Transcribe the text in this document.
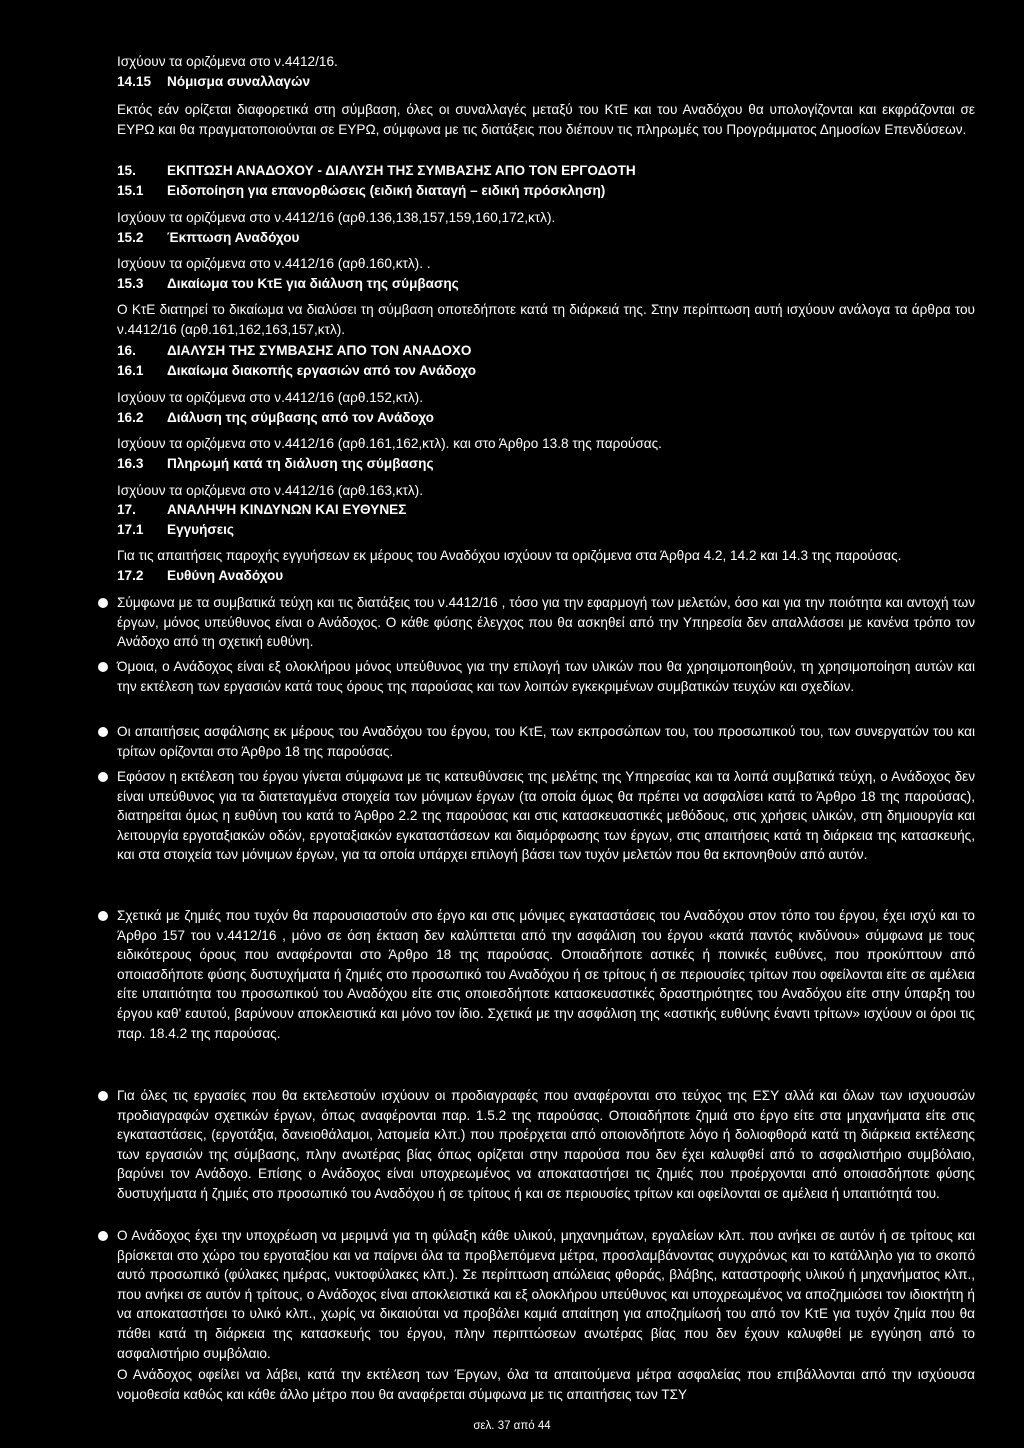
Ισχύουν τα οριζόμενα στο ν.4412/16.
14.15 Νόμισμα συναλλαγών
Εκτός εάν ορίζεται διαφορετικά στη σύμβαση, όλες οι συναλλαγές μεταξύ του ΚτΕ και του Αναδόχου θα υπολογίζονται και εκφράζονται σε ΕΥΡΩ και θα πραγματοποιούνται σε ΕΥΡΩ, σύμφωνα με τις διατάξεις που διέπουν τις πληρωμές του Προγράμματος Δημοσίων Επενδύσεων.
15. ΕΚΠΤΩΣΗ ΑΝΑΔΟΧΟΥ - ΔΙΑΛΥΣΗ ΤΗΣ ΣΥΜΒΑΣΗΣ ΑΠΟ ΤΟΝ ΕΡΓΟΔΟΤΗ
15.1 Ειδοποίηση για επανορθώσεις (ειδική διαταγή – ειδική πρόσκληση)
Ισχύουν τα οριζόμενα στο ν.4412/16 (αρθ.136,138,157,159,160,172,κτλ).
15.2 Έκπτωση Αναδόχου
Ισχύουν τα οριζόμενα στο ν.4412/16 (αρθ.160,κτλ). .
15.3 Δικαίωμα του ΚτΕ για διάλυση της σύμβασης
Ο ΚτΕ διατηρεί το δικαίωμα να διαλύσει τη σύμβαση οποτεδήποτε κατά τη διάρκειά της. Στην περίπτωση αυτή ισχύουν ανάλογα τα άρθρα του ν.4412/16 (αρθ.161,162,163,157,κτλ).
16. ΔΙΑΛΥΣΗ ΤΗΣ ΣΥΜΒΑΣΗΣ ΑΠΟ ΤΟΝ ΑΝΑΔΟΧΟ
16.1 Δικαίωμα διακοπής εργασιών από τον Ανάδοχο
Ισχύουν τα οριζόμενα στο ν.4412/16 (αρθ.152,κτλ).
16.2 Διάλυση της σύμβασης από τον Ανάδοχο
Ισχύουν τα οριζόμενα στο ν.4412/16 (αρθ.161,162,κτλ). και στο Άρθρο 13.8 της παρούσας.
16.3 Πληρωμή κατά τη διάλυση της σύμβασης
Ισχύουν τα οριζόμενα στο ν.4412/16 (αρθ.163,κτλ).
17. ΑΝΑΛΗΨΗ ΚΙΝΔΥΝΩΝ ΚΑΙ ΕΥΘΥΝΕΣ
17.1 Εγγυήσεις
Για τις απαιτήσεις παροχής εγγυήσεων εκ μέρους του Αναδόχου ισχύουν τα οριζόμενα στα Άρθρα 4.2, 14.2 και 14.3 της παρούσας.
17.2 Ευθύνη Αναδόχου
Σύμφωνα με τα συμβατικά τεύχη και τις διατάξεις του ν.4412/16 , τόσο για την εφαρμογή των μελετών, όσο και για την ποιότητα και αντοχή των έργων, μόνος υπεύθυνος είναι ο Ανάδοχος. Ο κάθε φύσης έλεγχος που θα ασκηθεί από την Υπηρεσία δεν απαλλάσσει με κανένα τρόπο τον Ανάδοχο από τη σχετική ευθύνη.
Όμοια, ο Ανάδοχος είναι εξ ολοκλήρου μόνος υπεύθυνος για την επιλογή των υλικών που θα χρησιμοποιηθούν, τη χρησιμοποίηση αυτών και την εκτέλεση των εργασιών κατά τους όρους της παρούσας και των λοιπών εγκεκριμένων συμβατικών τευχών και σχεδίων.
Οι απαιτήσεις ασφάλισης εκ μέρους του Αναδόχου του έργου, του ΚτΕ, των εκπροσώπων του, του προσωπικού του, των συνεργατών του και τρίτων ορίζονται στο Άρθρο 18 της παρούσας.
Εφόσον η εκτέλεση του έργου γίνεται σύμφωνα με τις κατευθύνσεις της μελέτης της Υπηρεσίας και τα λοιπά συμβατικά τεύχη, ο Ανάδοχος δεν είναι υπεύθυνος για τα διατεταγμένα στοιχεία των μόνιμων έργων (τα οποία όμως θα πρέπει να ασφαλίσει κατά το Άρθρο 18 της παρούσας), διατηρείται όμως η ευθύνη του κατά το Άρθρο 2.2 της παρούσας και στις κατασκευαστικές μεθόδους, στις χρήσεις υλικών, στη δημιουργία και λειτουργία εργοταξιακών οδών, εργοταξιακών εγκαταστάσεων και διαμόρφωσης των έργων, στις απαιτήσεις κατά τη διάρκεια της κατασκευής, και στα στοιχεία των μόνιμων έργων, για τα οποία υπάρχει επιλογή βάσει των τυχόν μελετών που θα εκπονηθούν από αυτόν.
Σχετικά με ζημιές που τυχόν θα παρουσιαστούν στο έργο και στις μόνιμες εγκαταστάσεις του Αναδόχου στον τόπο του έργου, έχει ισχύ και το Άρθρο 157 του ν.4412/16 , μόνο σε όση έκταση δεν καλύπτεται από την ασφάλιση του έργου «κατά παντός κινδύνου» σύμφωνα με τους ειδικότερους όρους που αναφέρονται στο Άρθρο 18 της παρούσας. Οποιαδήποτε αστικές ή ποινικές ευθύνες, που προκύπτουν από οποιασδήποτε φύσης δυστυχήματα ή ζημιές στο προσωπικό του Αναδόχου ή σε τρίτους ή σε περιουσίες τρίτων που οφείλονται είτε σε αμέλεια είτε υπαιτιότητα του προσωπικού του Αναδόχου είτε στις οποιεσδήποτε κατασκευαστικές δραστηριότητες του Αναδόχου είτε στην ύπαρξη του έργου καθ' εαυτού, βαρύνουν αποκλειστικά και μόνο τον ίδιο. Σχετικά με την ασφάλιση της «αστικής ευθύνης έναντι τρίτων» ισχύουν οι όροι τις παρ. 18.4.2 της παρούσας.
Για όλες τις εργασίες που θα εκτελεστούν ισχύουν οι προδιαγραφές που αναφέρονται στο τεύχος της ΕΣΥ αλλά και όλων των ισχυουσών προδιαγραφών σχετικών έργων, όπως αναφέρονται παρ. 1.5.2 της παρούσας. Οποιαδήποτε ζημιά στο έργο είτε στα μηχανήματα είτε στις εγκαταστάσεις, (εργοτάξια, δανειοθάλαμοι, λατομεία κλπ.) που προέρχεται από οποιονδήποτε λόγο ή δολιοφθορά κατά τη διάρκεια εκτέλεσης των εργασιών της σύμβασης, πλην ανωτέρας βίας όπως ορίζεται στην παρούσα που δεν έχει καλυφθεί από το ασφαλιστήριο συμβόλαιο, βαρύνει τον Ανάδοχο. Επίσης ο Ανάδοχος είναι υποχρεωμένος να αποκαταστήσει τις ζημιές που προέρχονται από οποιασδήποτε φύσης δυστυχήματα ή ζημιές στο προσωπικό του Αναδόχου ή σε τρίτους ή και σε περιουσίες τρίτων και οφείλονται σε αμέλεια ή υπαιτιότητά του.
Ο Ανάδοχος έχει την υποχρέωση να μεριμνά για τη φύλαξη κάθε υλικού, μηχανημάτων, εργαλείων κλπ. που ανήκει σε αυτόν ή σε τρίτους και βρίσκεται στο χώρο του εργοταξίου και να παίρνει όλα τα προβλεπόμενα μέτρα, προσλαμβάνοντας συγχρόνως και το κατάλληλο για το σκοπό αυτό προσωπικό (φύλακες ημέρας, νυκτοφύλακες κλπ.). Σε περίπτωση απώλειας φθοράς, βλάβης, καταστροφής υλικού ή μηχανήματος κλπ., που ανήκει σε αυτόν ή τρίτους, ο Ανάδοχος είναι αποκλειστικά και εξ ολοκλήρου υπεύθυνος και υποχρεωμένος να αποζημιώσει τον ιδιοκτήτη ή να αποκαταστήσει το υλικό κλπ., χωρίς να δικαιούται να προβάλει καμιά απαίτηση για αποζημίωσή του από τον ΚτΕ για τυχόν ζημία που θα πάθει κατά τη διάρκεια της κατασκευής του έργου, πλην περιπτώσεων ανωτέρας βίας που δεν έχουν καλυφθεί με εγγύηση από το ασφαλιστήριο συμβόλαιο.
Ο Ανάδοχος οφείλει να λάβει, κατά την εκτέλεση των Έργων, όλα τα απαιτούμενα μέτρα ασφαλείας που επιβάλλονται από την ισχύουσα νομοθεσία καθώς και κάθε άλλο μέτρο που θα αναφέρεται σύμφωνα με τις απαιτήσεις των ΤΣΥ
σελ. 37 από 44
